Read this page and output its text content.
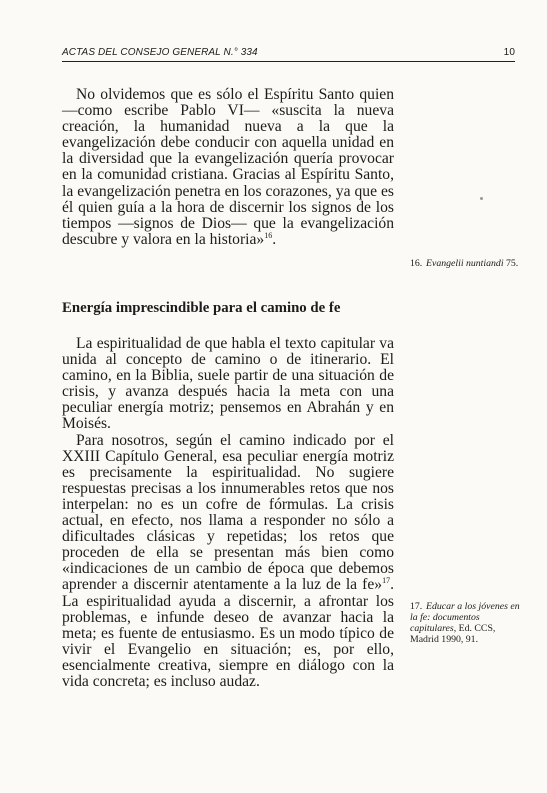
ACTAS DEL CONSEJO GENERAL N.° 334	10

No olvidemos que es sólo el Espíritu Santo quien —como escribe Pablo VI— «suscita la nueva creación, la humanidad nueva a la que la evangelización debe conducir con aquella unidad en la diversidad que la evangelización quería provocar en la comunidad cristiana. Gracias al Espíritu Santo, la evangelización penetra en los corazones, ya que es él quien guía a la hora de discernir los signos de los tiempos —signos de Dios— que la evangelización descubre y valora en la historia»$^{16}$.

16. Evangelii nuntiandi 75.
Energía imprescindible para el camino de fe

La espiritualidad de que habla el texto capitular va unida al concepto de camino o de itinerario. El camino, en la Biblia, suele partir de una situación de crisis, y avanza después hacia la meta con una peculiar energía motriz; pensemos en Abrahán y en Moisés.

Para nosotros, según el camino indicado por el XXIII Capítulo General, esa peculiar energía motriz es precisamente la espiritualidad. No sugiere respuestas precisas a los innumerables retos que nos interpelan: no es un cofre de fórmulas. La crisis actual, en efecto, nos llama a responder no sólo a dificultades clásicas y repetidas; los retos que proceden de ella se presentan más bien como «indicaciones de un cambio de época que debemos aprender a discernir atentamente a la luz de la fe»$^{17}$. La espiritualidad ayuda a discernir, a afrontar los problemas, e infunde deseo de avanzar hacia la meta; es fuente de entusiasmo. Es un modo típico de vivir el Evangelio en situación; es, por ello, esencialmente creativa, siempre en diálogo con la vida concreta; es incluso audaz.

17. Educar a los jóvenes en la fe: documentos capitulares, Ed. CCS, Madrid 1990, 91.
